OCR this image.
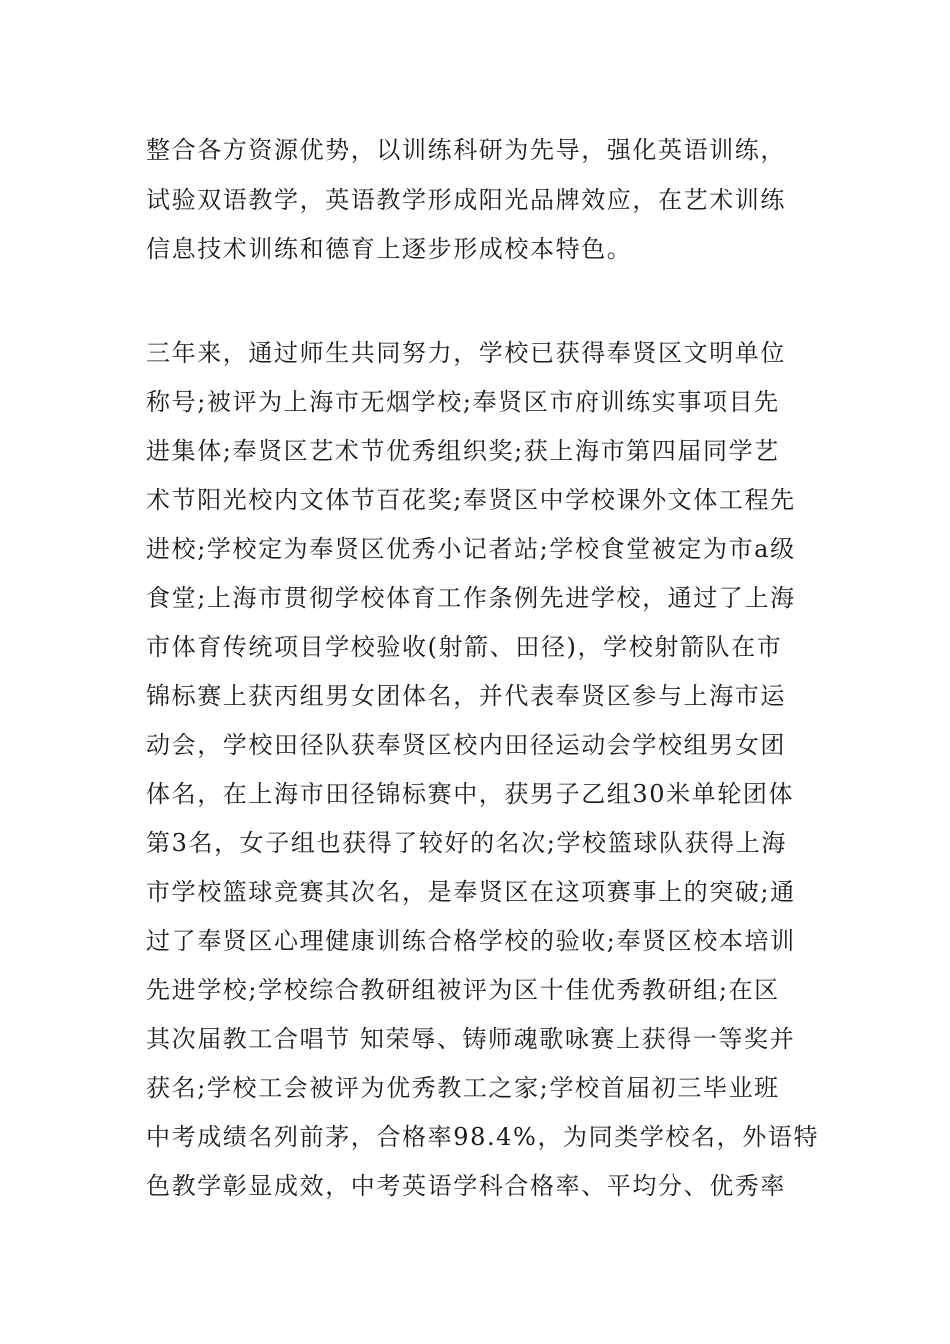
整合各方资源优势，以训练科研为先导，强化英语训练，
试验双语教学，英语教学形成阳光品牌效应，在艺术训练
信息技术训练和德育上逐步形成校本特色。
三年来，通过师生共同努力，学校已获得奉贤区文明单位
称号;被评为上海市无烟学校;奉贤区市府训练实事项目先
进集体;奉贤区艺术节优秀组织奖;获上海市第四届同学艺
术节阳光校内文体节百花奖;奉贤区中学校课外文体工程先
进校;学校定为奉贤区优秀小记者站;学校食堂被定为市a级
食堂;上海市贯彻学校体育工作条例先进学校，通过了上海
市体育传统项目学校验收(射箭、田径)，学校射箭队在市
锦标赛上获丙组男女团体名，并代表奉贤区参与上海市运
动会，学校田径队获奉贤区校内田径运动会学校组男女团
体名，在上海市田径锦标赛中，获男子乙组30米单轮团体
第3名，女子组也获得了较好的名次;学校篮球队获得上海
市学校篮球竞赛其次名，是奉贤区在这项赛事上的突破;通
过了奉贤区心理健康训练合格学校的验收;奉贤区校本培训
先进学校;学校综合教研组被评为区十佳优秀教研组;在区
其次届教工合唱节 知荣辱、铸师魂歌咏赛上获得一等奖并
获名;学校工会被评为优秀教工之家;学校首届初三毕业班
中考成绩名列前茅，合格率98.4%，为同类学校名，外语特
色教学彰显成效，中考英语学科合格率、平均分、优秀率
